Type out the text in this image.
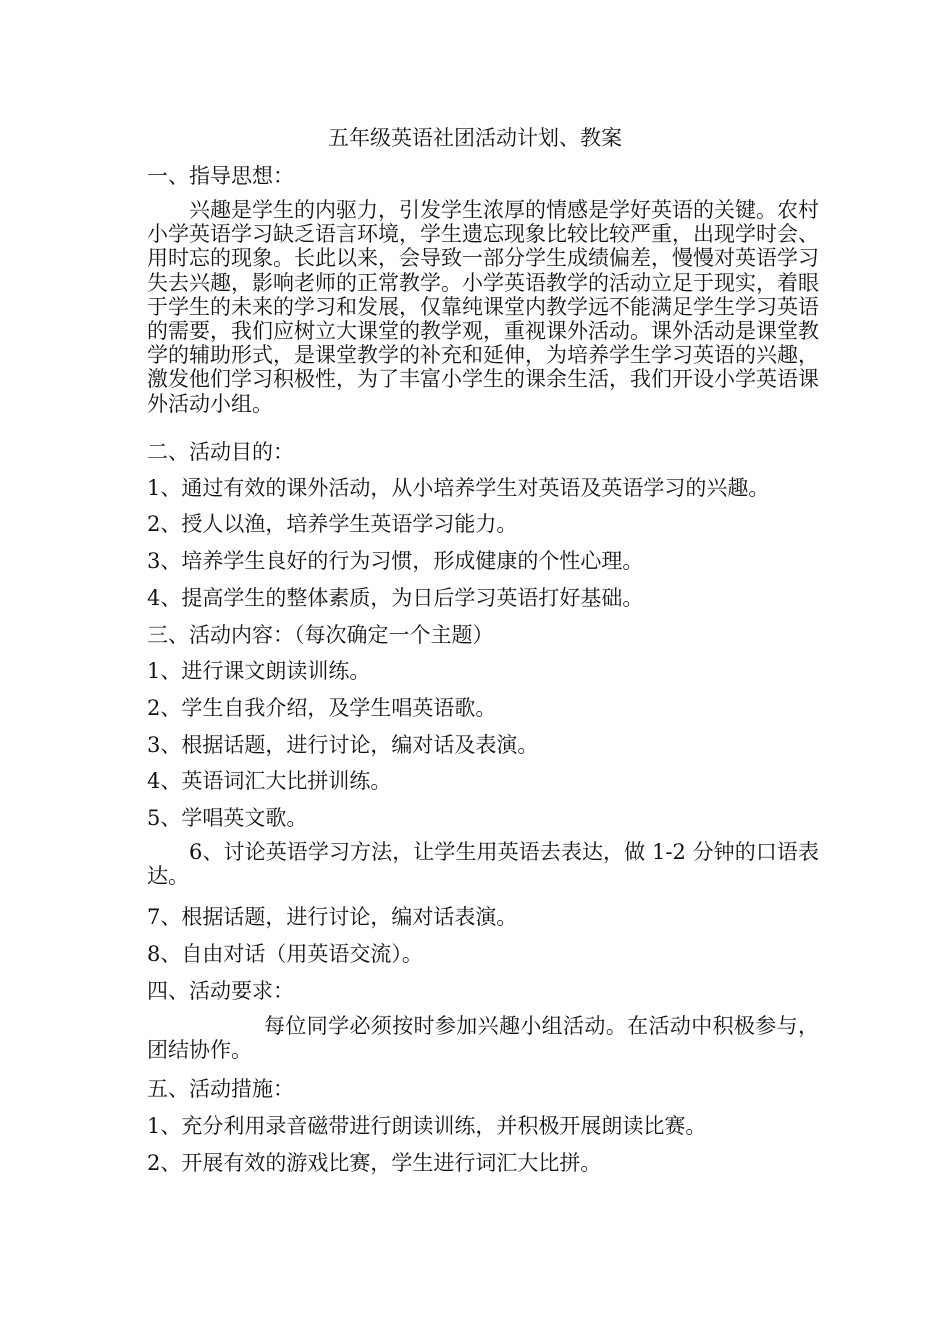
五年级英语社团活动计划、教案
一、指导思想：
兴趣是学生的内驱力，引发学生浓厚的情感是学好英语的关键。农村小学英语学习缺乏语言环境，学生遗忘现象比较比较严重，出现学时会、用时忘的现象。长此以来，会导致一部分学生成绩偏差，慢慢对英语学习失去兴趣，影响老师的正常教学。小学英语教学的活动立足于现实，着眼于学生的未来的学习和发展，仅靠纯课堂内教学远不能满足学生学习英语的需要，我们应树立大课堂的教学观，重视课外活动。课外活动是课堂教学的辅助形式，是课堂教学的补充和延伸，为培养学生学习英语的兴趣，激发他们学习积极性，为了丰富小学生的课余生活，我们开设小学英语课外活动小组。
二、活动目的：
1、通过有效的课外活动，从小培养学生对英语及英语学习的兴趣。
2、授人以渔，培养学生英语学习能力。
3、培养学生良好的行为习惯，形成健康的个性心理。
4、提高学生的整体素质，为日后学习英语打好基础。
三、活动内容：（每次确定一个主题）
1、进行课文朗读训练。
2、学生自我介绍，及学生唱英语歌。
3、根据话题，进行讨论，编对话及表演。
4、英语词汇大比拼训练。
5、学唱英文歌。
6、讨论英语学习方法，让学生用英语去表达，做 1-2 分钟的口语表达。
7、根据话题，进行讨论，编对话表演。
8、自由对话（用英语交流）。
四、活动要求：
每位同学必须按时参加兴趣小组活动。在活动中积极参与，团结协作。
五、活动措施：
1、充分利用录音磁带进行朗读训练，并积极开展朗读比赛。
2、开展有效的游戏比赛，学生进行词汇大比拼。
